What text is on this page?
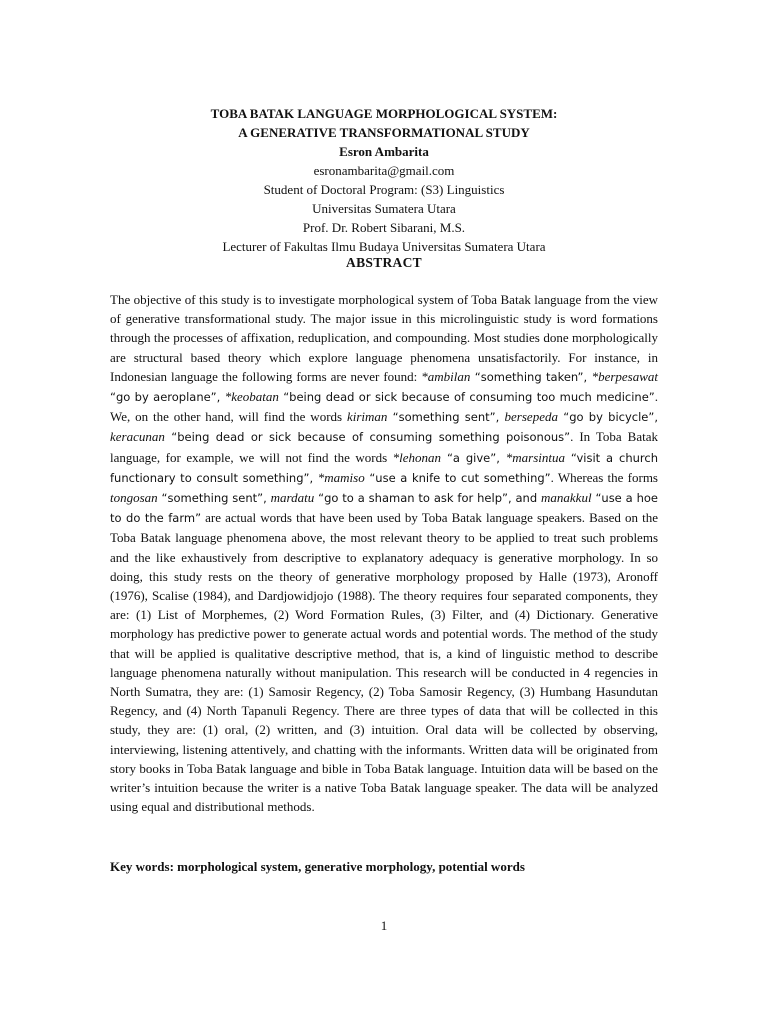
TOBA BATAK LANGUAGE MORPHOLOGICAL SYSTEM:
A GENERATIVE TRANSFORMATIONAL STUDY
Esron Ambarita
esronambarita@gmail.com
Student of Doctoral Program: (S3) Linguistics
Universitas Sumatera Utara
Prof. Dr. Robert Sibarani, M.S.
Lecturer of Fakultas Ilmu Budaya Universitas Sumatera Utara
ABSTRACT
The objective of this study is to investigate morphological system of Toba Batak language from the view of generative transformational study. The major issue in this microlinguistic study is word formations through the processes of affixation, reduplication, and compounding. Most studies done morphologically are structural based theory which explore language phenomena unsatisfactorily. For instance, in Indonesian language the following forms are never found: *ambilan “something taken”, *berpesawat “go by aeroplane”, *keobatan “being dead or sick because of consuming too much medicine”. We, on the other hand, will find the words kiriman “something sent”, bersepeda “go by bicycle”, keracunan “being dead or sick because of consuming something poisonous”. In Toba Batak language, for example, we will not find the words *lehonan “a give”, *marsintua “visit a church functionary to consult something”, *mamiso “use a knife to cut something”. Whereas the forms tongosan “something sent”, mardatu “go to a shaman to ask for help”, and manakkul “use a hoe to do the farm” are actual words that have been used by Toba Batak language speakers. Based on the Toba Batak language phenomena above, the most relevant theory to be applied to treat such problems and the like exhaustively from descriptive to explanatory adequacy is generative morphology. In so doing, this study rests on the theory of generative morphology proposed by Halle (1973), Aronoff (1976), Scalise (1984), and Dardjowidjojo (1988). The theory requires four separated components, they are: (1) List of Morphemes, (2) Word Formation Rules, (3) Filter, and (4) Dictionary. Generative morphology has predictive power to generate actual words and potential words. The method of the study that will be applied is qualitative descriptive method, that is, a kind of linguistic method to describe language phenomena naturally without manipulation. This research will be conducted in 4 regencies in North Sumatra, they are: (1) Samosir Regency, (2) Toba Samosir Regency, (3) Humbang Hasundutan Regency, and (4) North Tapanuli Regency. There are three types of data that will be collected in this study, they are: (1) oral, (2) written, and (3) intuition. Oral data will be collected by observing, interviewing, listening attentively, and chatting with the informants. Written data will be originated from story books in Toba Batak language and bible in Toba Batak language. Intuition data will be based on the writer’s intuition because the writer is a native Toba Batak language speaker. The data will be analyzed using equal and distributional methods.
Key words: morphological system, generative morphology, potential words
1
